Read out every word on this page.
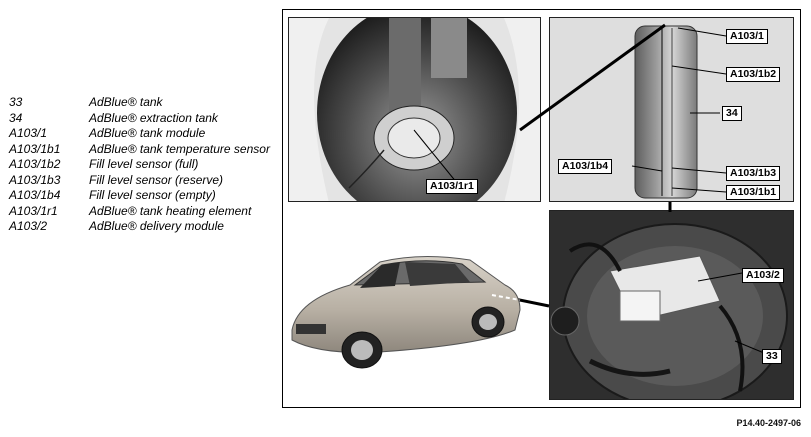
33	AdBlue® tank
34	AdBlue® extraction tank
A103/1	AdBlue® tank module
A103/1b1	AdBlue® tank temperature sensor
A103/1b2	Fill level sensor (full)
A103/1b3	Fill level sensor (reserve)
A103/1b4	Fill level sensor (empty)
A103/1r1	AdBlue® tank heating element
A103/2	AdBlue® delivery module
A103/1r1
A103/1
A103/1b2
34
A103/1b4
A103/1b3
A103/1b1
A103/2
33
P14.40-2497-06
